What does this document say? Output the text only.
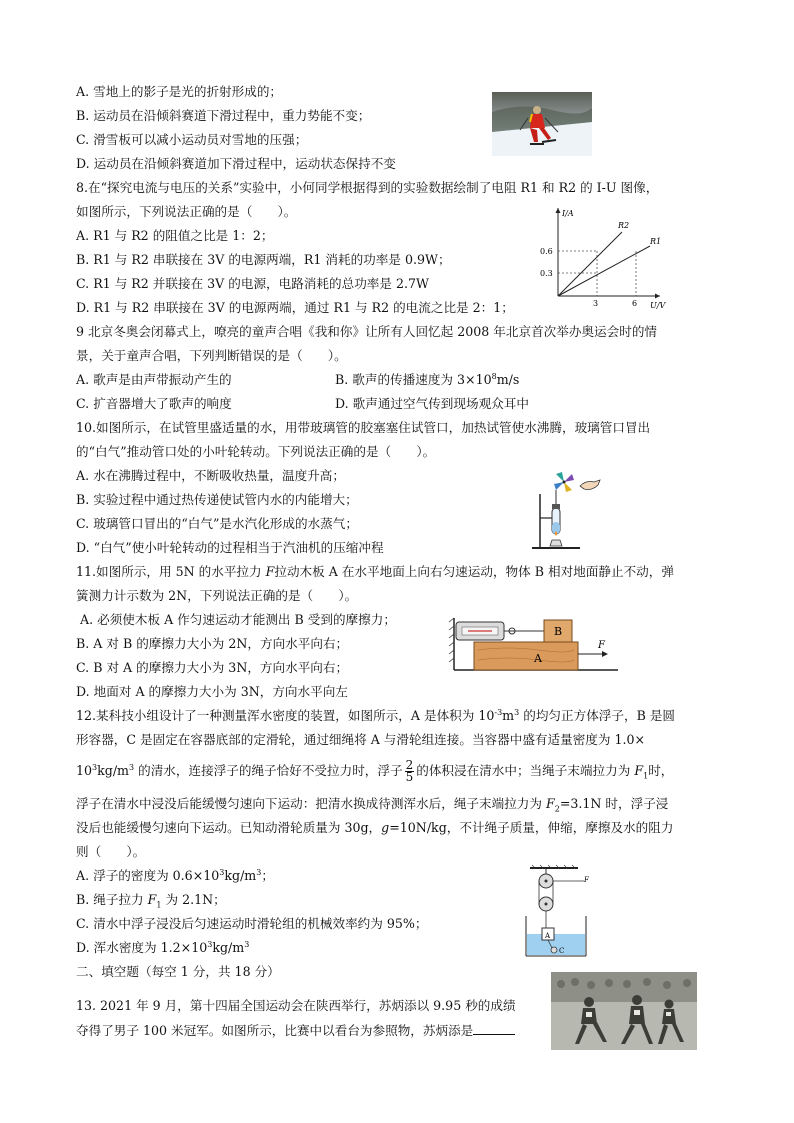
A. 雪地上的影子是光的折射形成的；
B. 运动员在沿倾斜赛道下滑过程中，重力势能不变；
C. 滑雪板可以减小运动员对雪地的压强；
D. 运动员在沿倾斜赛道加下滑过程中，运动状态保持不变
8.在“探究电流与电压的关系”实验中，小何同学根据得到的实验数据绘制了电阻 R1 和 R2 的 I-U 图像，
如图所示，下列说法正确的是（　　）。
A. R1 与 R2 的阻值之比是 1：2；
B. R1 与 R2 串联接在 3V 的电源两端，R1 消耗的功率是 0.9W；
C. R1 与 R2 并联接在 3V 的电源，电路消耗的总功率是 2.7W
D. R1 与 R2 串联接在 3V 的电源两端，通过 R1 与 R2 的电流之比是 2：1；
I/A
U/V
0.6
0.3
3	6
R2
R1
9 北京冬奥会闭幕式上，嘹亮的童声合唱《我和你》让所有人回忆起 2008 年北京首次举办奥运会时的情
景，关于童声合唱，下列判断错误的是（　　）。
A. 歌声是由声带振动产生的	B. 歌声的传播速度为 $3\times 10^8m/s$
C. 扩音器增大了歌声的响度	D. 歌声通过空气传到现场观众耳中
10.如图所示，在试管里盛适量的水，用带玻璃管的胶塞塞住试管口，加热试管使水沸腾，玻璃管口冒出
的“白气”推动管口处的小叶轮转动。下列说法正确的是（　　）。
A. 水在沸腾过程中，不断吸收热量，温度升高；
B. 实验过程中通过热传递使试管内水的内能增大；
C. 玻璃管口冒出的“白气”是水汽化形成的水蒸气；
D. “白气”使小叶轮转动的过程相当于汽油机的压缩冲程
11.如图所示，用 5N 的水平拉力 F拉动木板 A 在水平地面上向右匀速运动，物体 B 相对地面静止不动，弹
簧测力计示数为 2N，下列说法正确的是（　　）。
A. 必须使木板 A 作匀速运动才能测出 B 受到的摩擦力；
B. A 对 B 的摩擦力大小为 2N，方向水平向右；
C. B 对 A 的摩擦力大小为 3N，方向水平向右；
D. 地面对 A 的摩擦力大小为 3N，方向水平向左
B
A
F
12.某科技小组设计了一种测量浑水密度的装置，如图所示，A 是体积为 $10^{-3}m^3$ 的均匀正方体浮子，B 是圆
形容器，C 是固定在容器底部的定滑轮，通过细绳将 A 与滑轮组连接。当容器中盛有适量密度为 1.0×
$10^3kg/m^3$ 的清水，连接浮子的绳子恰好不受拉力时，浮子 $\frac{2}{5}$ 的体积浸在清水中；当绳子末端拉力为 $F_1$时，
浮子在清水中浸没后能缓慢匀速向下运动：把清水换成待测浑水后，绳子末端拉力为 $F_2=3.1N$ 时，浮子浸
没后也能缓慢匀速向下运动。已知动滑轮质量为 30g，g=10N/kg，不计绳子质量，伸缩，摩擦及水的阻力
则（　　）。
A. 浮子的密度为 $0.6\times 10^3kg/m^3$；
B. 绳子拉力 $F_1$ 为 2.1N；
C. 清水中浮子浸没后匀速运动时滑轮组的机械效率约为 95%；
D. 浑水密度为 $1.2\times 10^3kg/m^3$
F
A
C
二、填空题（每空 1 分，共 18 分）
13. 2021 年 9 月，第十四届全国运动会在陕西举行，苏炳添以 9.95 秒的成绩
夺得了男子 100 米冠军。如图所示，比赛中以看台为参照物，苏炳添是
